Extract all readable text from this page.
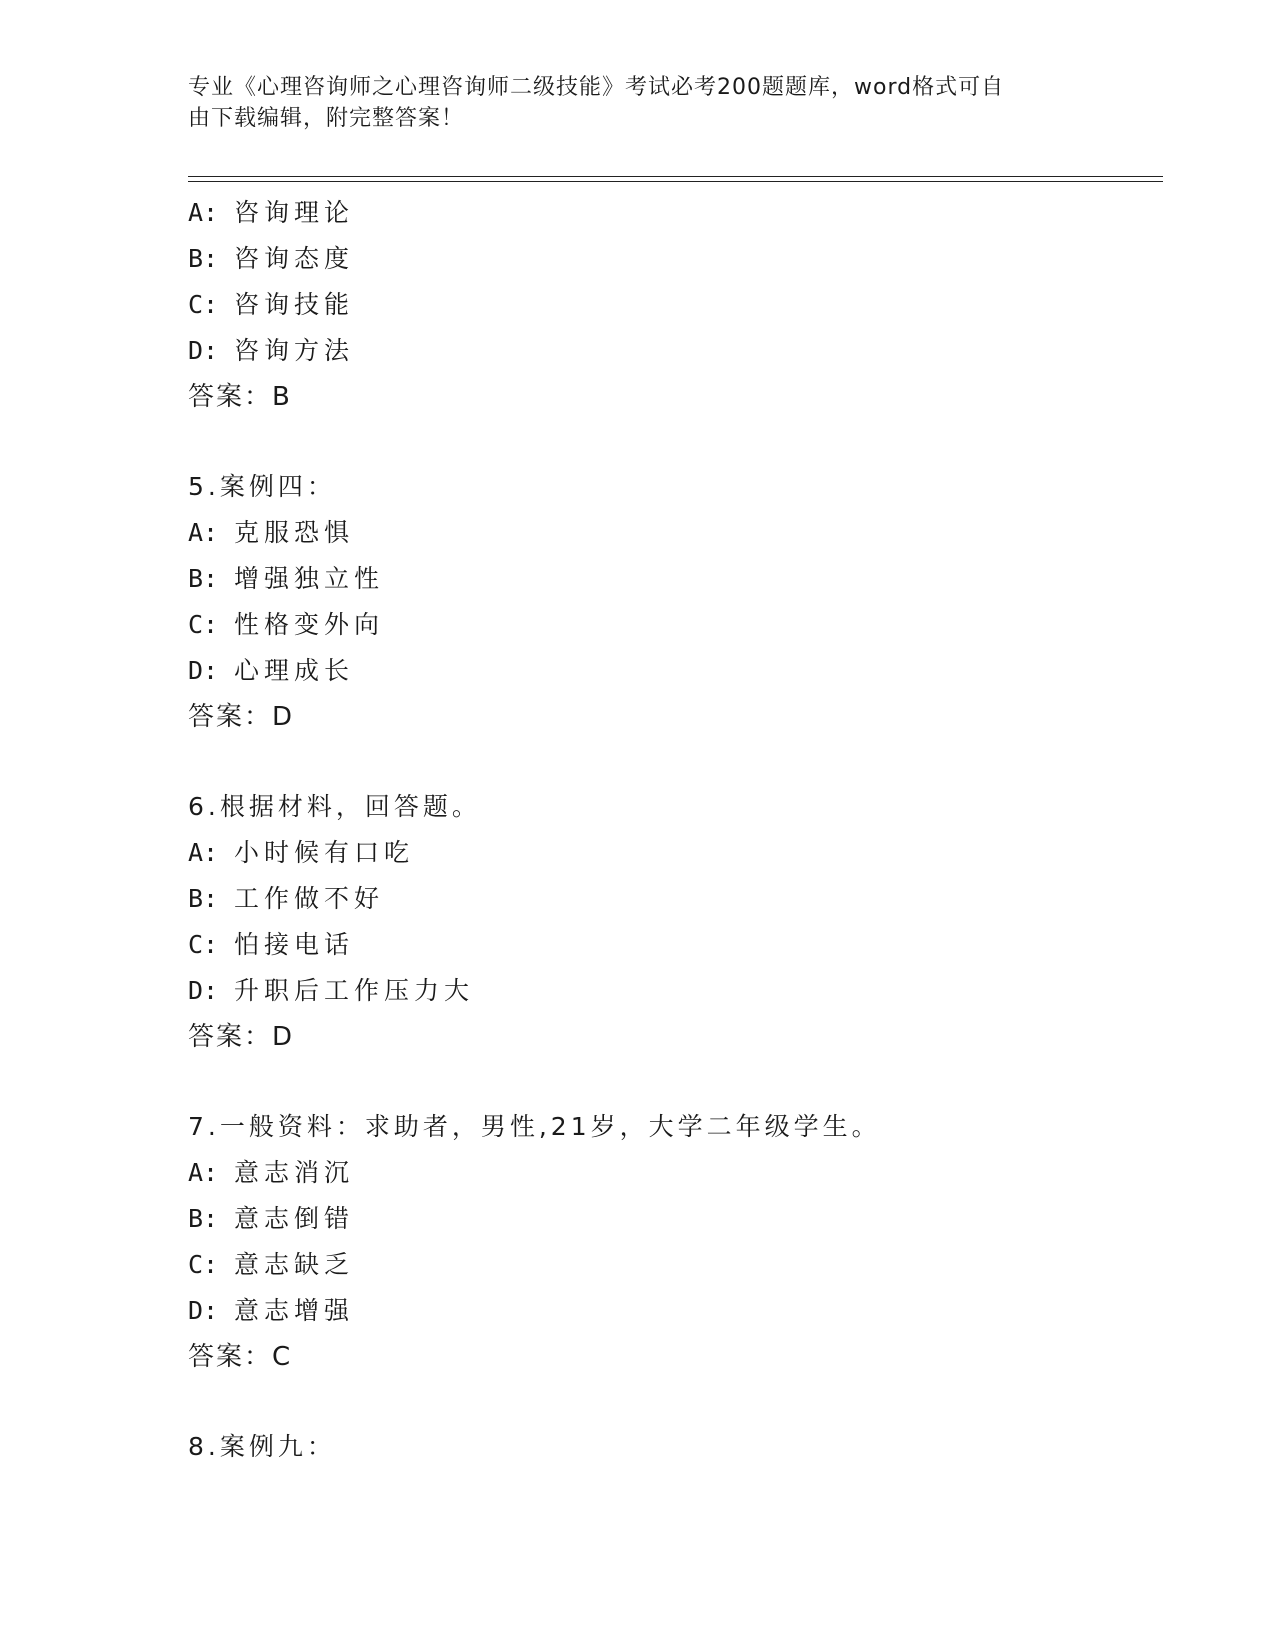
专业《心理咨询师之心理咨询师二级技能》考试必考200题题库，word格式可自
由下载编辑，附完整答案！
A: 咨询理论
B: 咨询态度
C: 咨询技能
D: 咨询方法
答案：B
5.案例四：
A: 克服恐惧
B: 增强独立性
C: 性格变外向
D: 心理成长
答案：D
6.根据材料，回答题。
A: 小时候有口吃
B: 工作做不好
C: 怕接电话
D: 升职后工作压力大
答案：D
7.一般资料：求助者，男性,21岁，大学二年级学生。
A: 意志消沉
B: 意志倒错
C: 意志缺乏
D: 意志增强
答案：C
8.案例九：
